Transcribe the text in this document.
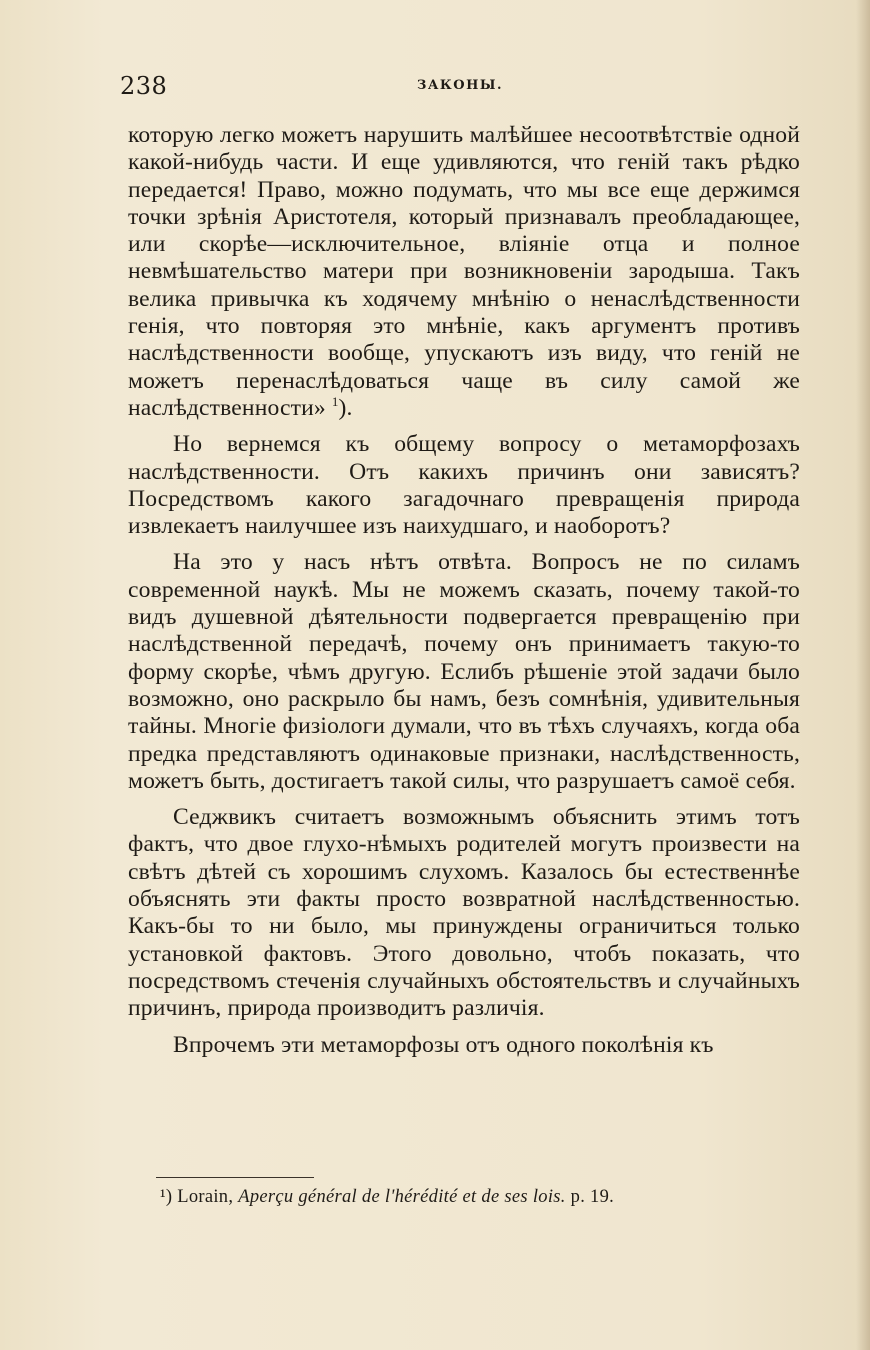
238	ЗАКОНЫ.

которую легко можетъ нарушить малѣйшее несоотвѣтствіе одной какой-нибудь части. И еще удивляются, что геній такъ рѣдко передается! Право, можно подумать, что мы все еще держимся точки зрѣнія Аристотеля, который признавалъ преобладающее, или скорѣе—исключительное, вліяніе отца и полное невмѣшательство матери при возникновеніи зародыша. Такъ велика привычка къ ходячему мнѣнію о ненаслѣдственности генія, что повторяя это мнѣніе, какъ аргументъ противъ наслѣдственности вообще, упускаютъ изъ виду, что геній не можетъ перенаслѣдоваться чаще въ силу самой же наслѣдственности» $^1$).

Но вернемся къ общему вопросу о метаморфозахъ наслѣдственности. Отъ какихъ причинъ они зависятъ? Посредствомъ какого загадочнаго превращенія природа извлекаетъ наилучшее изъ наихудшаго, и наоборотъ?

На это у насъ нѣтъ отвѣта. Вопросъ не по силамъ современной наукѣ. Мы не можемъ сказать, почему такой-то видъ душевной дѣятельности подвергается превращенію при наслѣдственной передачѣ, почему онъ принимаетъ такую-то форму скорѣе, чѣмъ другую. Еслибъ рѣшеніе этой задачи было возможно, оно раскрыло бы намъ, безъ сомнѣнія, удивительныя тайны. Многіе физіологи думали, что въ тѣхъ случаяхъ, когда оба предка представляютъ одинаковые признаки, наслѣдственность, можетъ быть, достигаетъ такой силы, что разрушаетъ самоё себя.

Седжвикъ считаетъ возможнымъ объяснить этимъ тотъ фактъ, что двое глухо-нѣмыхъ родителей могутъ произвести на свѣтъ дѣтей съ хорошимъ слухомъ. Казалось бы естественнѣе объяснять эти факты просто возвратной наслѣдственностью. Какъ-бы то ни было, мы принуждены ограничиться только установкой фактовъ. Этого довольно, чтобъ показать, что посредствомъ стеченія случайныхъ обстоятельствъ и случайныхъ причинъ, природа производитъ различія.

Впрочемъ эти метаморфозы отъ одного поколѣнія къ

¹) Lorain, Aperçu général de l'hérédité et de ses lois. p. 19.
